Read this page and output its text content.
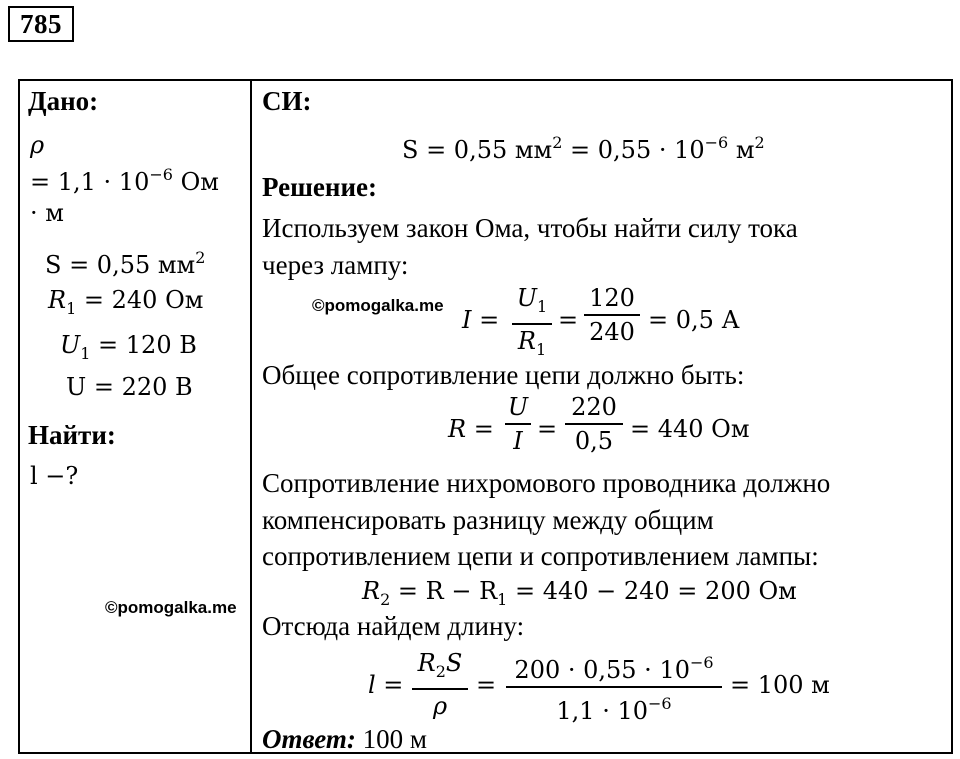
785
Дано:
ρ
= $1,1 \cdot 10^{-6}$ Ом
· м
S = 0,55 $мм^2$
$R_1 = 240$ Ом
$U_1 = 120$ В
U = 220 В
Найти:
l −?
СИ:
S = 0,55 $мм^2 = 0,55 \cdot 10^{-6}$ $м^2$
Решение:
Используем закон Ома, чтобы найти силу тока
через лампу:
©pomogalka.me
I =
$U_1$
$R_1$
=
120
240 = 0,5 А
Общее сопротивление цепи должно быть:
R =
U
I =
220
0,5 = 440 Ом
Сопротивление нихромового проводника должно
компенсировать разницу между общим
сопротивлением цепи и сопротивлением лампы:
$R_2 = R - R_1 = 440 - 240 = 200$ Ом
©pomogalka.me
Отсюда найдем длину:
l =
$R_2S$
ρ
=
$200 \cdot 0,55 \cdot 10^{-6}$
$1,1 \cdot 10^{-6}$
= 100 м
Ответ: 100 м
